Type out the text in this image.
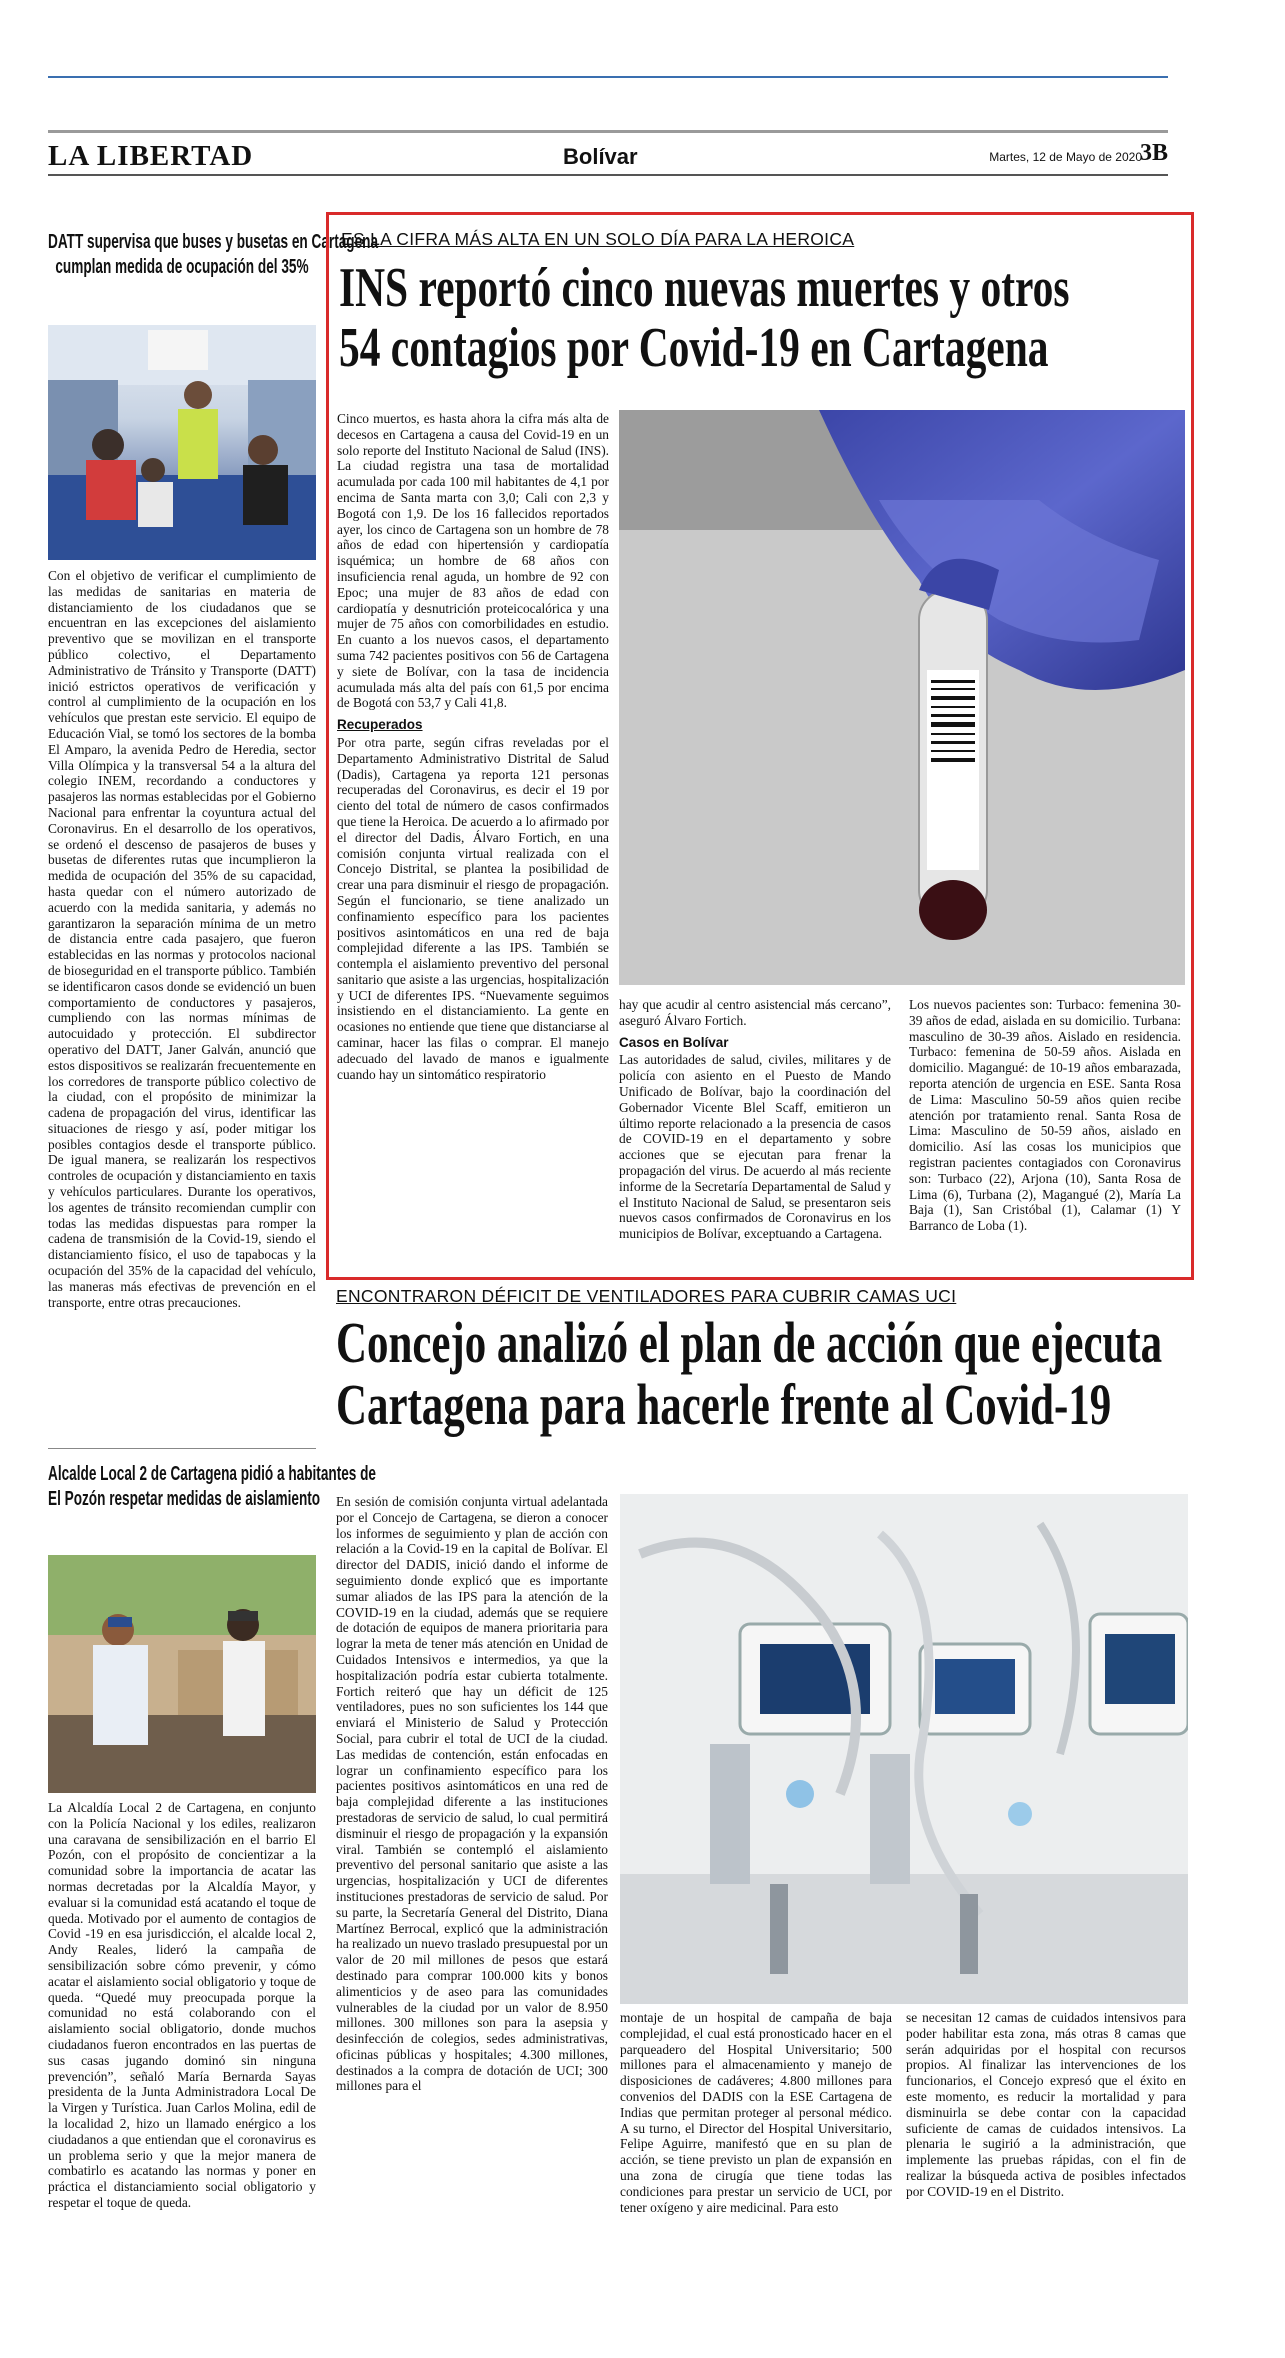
LA LIBERTAD	Bolívar	Martes, 12 de Mayo de 2020
3B
DATT supervisa que buses y busetas en Cartagena
cumplan medida de ocupación del 35%
Con el objetivo de verificar el cumplimiento de las medidas de sanitarias en materia de distanciamiento de los ciudadanos que se encuentran en las excepciones del aislamiento preventivo que se movilizan en el transporte público colectivo, el Departamento Administrativo de Tránsito y Transporte (DATT) inició estrictos operativos de verificación y control al cumplimiento de la ocupación en los vehículos que prestan este servicio. El equipo de Educación Vial, se tomó los sectores de la bomba El Amparo, la avenida Pedro de Heredia, sector Villa Olímpica y la transversal 54 a la altura del colegio INEM, recordando a conductores y pasajeros las normas establecidas por el Gobierno Nacional para enfrentar la coyuntura actual del Coronavirus. En el desarrollo de los operativos, se ordenó el descenso de pasajeros de buses y busetas de diferentes rutas que incumplieron la medida de ocupación del 35% de su capacidad, hasta quedar con el número autorizado de acuerdo con la medida sanitaria, y además no garantizaron la separación mínima de un metro de distancia entre cada pasajero, que fueron establecidas en las normas y protocolos nacional de bioseguridad en el transporte público. También se identificaron casos donde se evidenció un buen comportamiento de conductores y pasajeros, cumpliendo con las normas mínimas de autocuidado y protección. El subdirector operativo del DATT, Janer Galván, anunció que estos dispositivos se realizarán frecuentemente en los corredores de transporte público colectivo de la ciudad, con el propósito de minimizar la cadena de propagación del virus, identificar las situaciones de riesgo y así, poder mitigar los posibles contagios desde el transporte público. De igual manera, se realizarán los respectivos controles de ocupación y distanciamiento en taxis y vehículos particulares. Durante los operativos, los agentes de tránsito recomiendan cumplir con todas las medidas dispuestas para romper la cadena de transmisión de la Covid-19, siendo el distanciamiento físico, el uso de tapabocas y la ocupación del 35% de la capacidad del vehículo, las maneras más efectivas de prevención en el transporte, entre otras precauciones.
Alcalde Local 2 de Cartagena pidió a habitantes de
El Pozón respetar medidas de aislamiento
La Alcaldía Local 2 de Cartagena, en conjunto con la Policía Nacional y los ediles, realizaron una caravana de sensibilización en el barrio El Pozón, con el propósito de concientizar a la comunidad sobre la importancia de acatar las normas decretadas por la Alcaldía Mayor, y evaluar si la comunidad está acatando el toque de queda. Motivado por el aumento de contagios de Covid -19 en esa jurisdicción, el alcalde local 2, Andy Reales, lideró la campaña de sensibilización sobre cómo prevenir, y cómo acatar el aislamiento social obligatorio y toque de queda. “Quedé muy preocupada porque la comunidad no está colaborando con el aislamiento social obligatorio, donde muchos ciudadanos fueron encontrados en las puertas de sus casas jugando dominó sin ninguna prevención”, señaló María Bernarda Sayas presidenta de la Junta Administradora Local De la Virgen y Turística. Juan Carlos Molina, edil de la localidad 2, hizo un llamado enérgico a los ciudadanos a que entiendan que el coronavirus es un problema serio y que la mejor manera de combatirlo es acatando las normas y poner en práctica el distanciamiento social obligatorio y respetar el toque de queda.
ES LA CIFRA MÁS ALTA EN UN SOLO DÍA PARA LA HEROICA
INS reportó cinco nuevas muertes y otros
54 contagios por Covid-19 en Cartagena

Cinco muertos, es hasta ahora la cifra más alta de decesos en Cartagena a causa del Covid-19 en un solo reporte del Instituto Nacional de Salud (INS). La ciudad registra una tasa de mortalidad acumulada por cada 100 mil habitantes de 4,1 por encima de Santa marta con 3,0; Cali con 2,3 y Bogotá con 1,9. De los 16 fallecidos reportados ayer, los cinco de Cartagena son un hombre de 78 años de edad con hipertensión y cardiopatía isquémica; un hombre de 68 años con insuficiencia renal aguda, un hombre de 92 con Epoc; una mujer de 83 años de edad con cardiopatía y desnutrición proteicocalórica y una mujer de 75 años con comorbilidades en estudio. En cuanto a los nuevos casos, el departamento suma 742 pacientes positivos con 56 de Cartagena y siete de Bolívar, con la tasa de incidencia acumulada más alta del país con 61,5 por encima de Bogotá con 53,7 y Cali 41,8.

Recuperados

Por otra parte, según cifras reveladas por el Departamento Administrativo Distrital de Salud (Dadis), Cartagena ya reporta 121 personas recuperadas del Coronavirus, es decir el 19 por ciento del total de número de casos confirmados que tiene la Heroica. De acuerdo a lo afirmado por el director del Dadis, Álvaro Fortich, en una comisión conjunta virtual realizada con el Concejo Distrital, se plantea la posibilidad de crear una para disminuir el riesgo de propagación. Según el funcionario, se tiene analizado un confinamiento específico para los pacientes positivos asintomáticos en una red de baja complejidad diferente a las IPS. También se contempla el aislamiento preventivo del personal sanitario que asiste a las urgencias, hospitalización y UCI de diferentes IPS. “Nuevamente seguimos insistiendo en el distanciamiento. La gente en ocasiones no entiende que tiene que distanciarse al caminar, hacer las filas o comprar. El manejo adecuado del lavado de manos e igualmente cuando hay un sintomático respiratorio

hay que acudir al centro asistencial más cercano”, aseguró Álvaro Fortich.

Casos en Bolívar

Las autoridades de salud, civiles, militares y de policía con asiento en el Puesto de Mando Unificado de Bolívar, bajo la coordinación del Gobernador Vicente Blel Scaff, emitieron un último reporte relacionado a la presencia de casos de COVID-19 en el departamento y sobre acciones que se ejecutan para frenar la propagación del virus. De acuerdo al más reciente informe de la Secretaría Departamental de Salud y el Instituto Nacional de Salud, se presentaron seis nuevos casos confirmados de Coronavirus en los municipios de Bolívar, exceptuando a Cartagena.

Los nuevos pacientes son: Turbaco: femenina 30-39 años de edad, aislada en su domicilio. Turbana: masculino de 30-39 años. Aislado en residencia. Turbaco: femenina de 50-59 años. Aislada en domicilio. Magangué: de 10-19 años embarazada, reporta atención de urgencia en ESE. Santa Rosa de Lima: Masculino 50-59 años quien recibe atención por tratamiento renal. Santa Rosa de Lima: Masculino de 50-59 años, aislado en domicilio. Así las cosas los municipios que registran pacientes contagiados con Coronavirus son: Turbaco (22), Arjona (10), Santa Rosa de Lima (6), Turbana (2), Magangué (2), María La Baja (1), San Cristóbal (1), Calamar (1) Y Barranco de Loba (1).

ENCONTRARON DÉFICIT DE VENTILADORES PARA CUBRIR CAMAS UCI
Concejo analizó el plan de acción que ejecuta
Cartagena para hacerle frente al Covid-19
En sesión de comisión conjunta virtual adelantada por el Concejo de Cartagena, se dieron a conocer los informes de seguimiento y plan de acción con relación a la Covid-19 en la capital de Bolívar. El director del DADIS, inició dando el informe de seguimiento donde explicó que es importante sumar aliados de las IPS para la atención de la COVID-19 en la ciudad, además que se requiere de dotación de equipos de manera prioritaria para lograr la meta de tener más atención en Unidad de Cuidados Intensivos e intermedios, ya que la hospitalización podría estar cubierta totalmente. Fortich reiteró que hay un déficit de 125 ventiladores, pues no son suficientes los 144 que enviará el Ministerio de Salud y Protección Social, para cubrir el total de UCI de la ciudad. Las medidas de contención, están enfocadas en lograr un confinamiento específico para los pacientes positivos asintomáticos en una red de baja complejidad diferente a las instituciones prestadoras de servicio de salud, lo cual permitirá disminuir el riesgo de propagación y la expansión viral. También se contempló el aislamiento preventivo del personal sanitario que asiste a las urgencias, hospitalización y UCI de diferentes instituciones prestadoras de servicio de salud. Por su parte, la Secretaría General del Distrito, Diana Martínez Berrocal, explicó que la administración ha realizado un nuevo traslado presupuestal por un valor de 20 mil millones de pesos que estará destinado para comprar 100.000 kits y bonos alimenticios y de aseo para las comunidades vulnerables de la ciudad por un valor de 8.950 millones. 300 millones son para la asepsia y desinfección de colegios, sedes administrativas, oficinas públicas y hospitales; 4.300 millones, destinados a la compra de dotación de UCI; 300 millones para el
montaje de un hospital de campaña de baja complejidad, el cual está pronosticado hacer en el parqueadero del Hospital Universitario; 500 millones para el almacenamiento y manejo de disposiciones de cadáveres; 4.800 millones para convenios del DADIS con la ESE Cartagena de Indias que permitan proteger al personal médico. A su turno, el Director del Hospital Universitario, Felipe Aguirre, manifestó que en su plan de acción, se tiene previsto un plan de expansión en una zona de cirugía que tiene todas las condiciones para prestar un servicio de UCI, por tener oxígeno y aire medicinal. Para esto
se necesitan 12 camas de cuidados intensivos para poder habilitar esta zona, más otras 8 camas que serán adquiridas por el hospital con recursos propios. Al finalizar las intervenciones de los funcionarios, el Concejo expresó que el éxito en este momento, es reducir la mortalidad y para disminuirla se debe contar con la capacidad suficiente de camas de cuidados intensivos. La plenaria le sugirió a la administración, que implemente las pruebas rápidas, con el fin de realizar la búsqueda activa de posibles infectados por COVID-19 en el Distrito.
